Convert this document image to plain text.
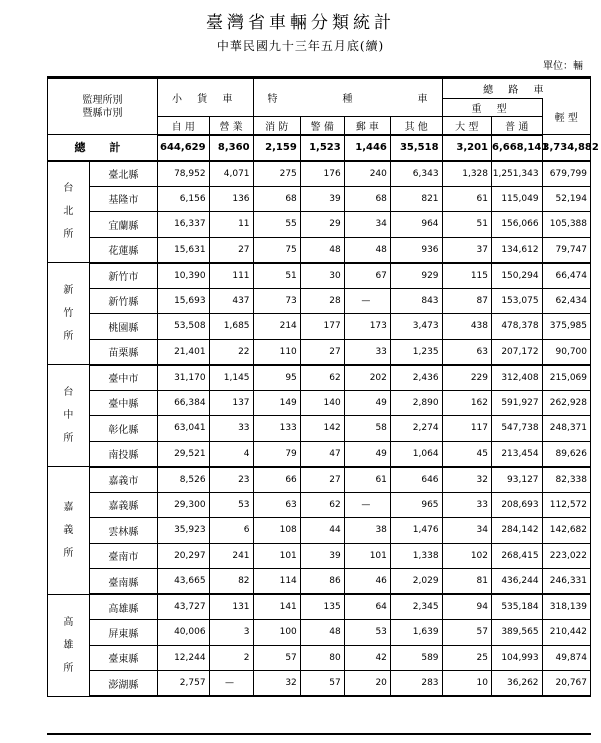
臺灣省車輛分類統計
中華民國九十三年五月底(續)
單位：輛
監理所別
暨縣市別		小 貨 車		特 種 車				總 路 車		
								重 型		輕 型
		自 用	營 業	消 防	警 備	郵 車	其 他	大 型	普 通	
總 計		644,629	8,360	2,159	1,523	1,446	35,518	3,201	6,668,141	3,734,882

台北所	臺北縣	78,952	4,071	275	176	240	6,343	1,328	1,251,343	679,799
	基隆市	6,156	136	68	39	68	821	61	115,049	52,194
	宜蘭縣	16,337	11	55	29	34	964	51	156,066	105,388
	花蓮縣	15,631	27	75	48	48	936	37	134,612	79,747

新竹所	新竹市	10,390	111	51	30	67	929	115	150,294	66,474
	新竹縣	15,693	437	73	28	—	843	87	153,075	62,434
	桃園縣	53,508	1,685	214	177	173	3,473	438	478,378	375,985
	苗栗縣	21,401	22	110	27	33	1,235	63	207,172	90,700

台中所	臺中市	31,170	1,145	95	62	202	2,436	229	312,408	215,069
	臺中縣	66,384	137	149	140	49	2,890	162	591,927	262,928
	彰化縣	63,041	33	133	142	58	2,274	117	547,738	248,371
	南投縣	29,521	4	79	47	49	1,064	45	213,454	89,626

嘉義所	嘉義市	8,526	23	66	27	61	646	32	93,127	82,338
	嘉義縣	29,300	53	63	62	—	965	33	208,693	112,572
	雲林縣	35,923	6	108	44	38	1,476	34	284,142	142,682
	臺南市	20,297	241	101	39	101	1,338	102	268,415	223,022
	臺南縣	43,665	82	114	86	46	2,029	81	436,244	246,331

高雄所	高雄縣	43,727	131	141	135	64	2,345	94	535,184	318,139
	屏東縣	40,006	3	100	48	53	1,639	57	389,565	210,442
	臺東縣	12,244	2	57	80	42	589	25	104,993	49,874
	澎湖縣	2,757	—	32	57	20	283	10	36,262	20,767
